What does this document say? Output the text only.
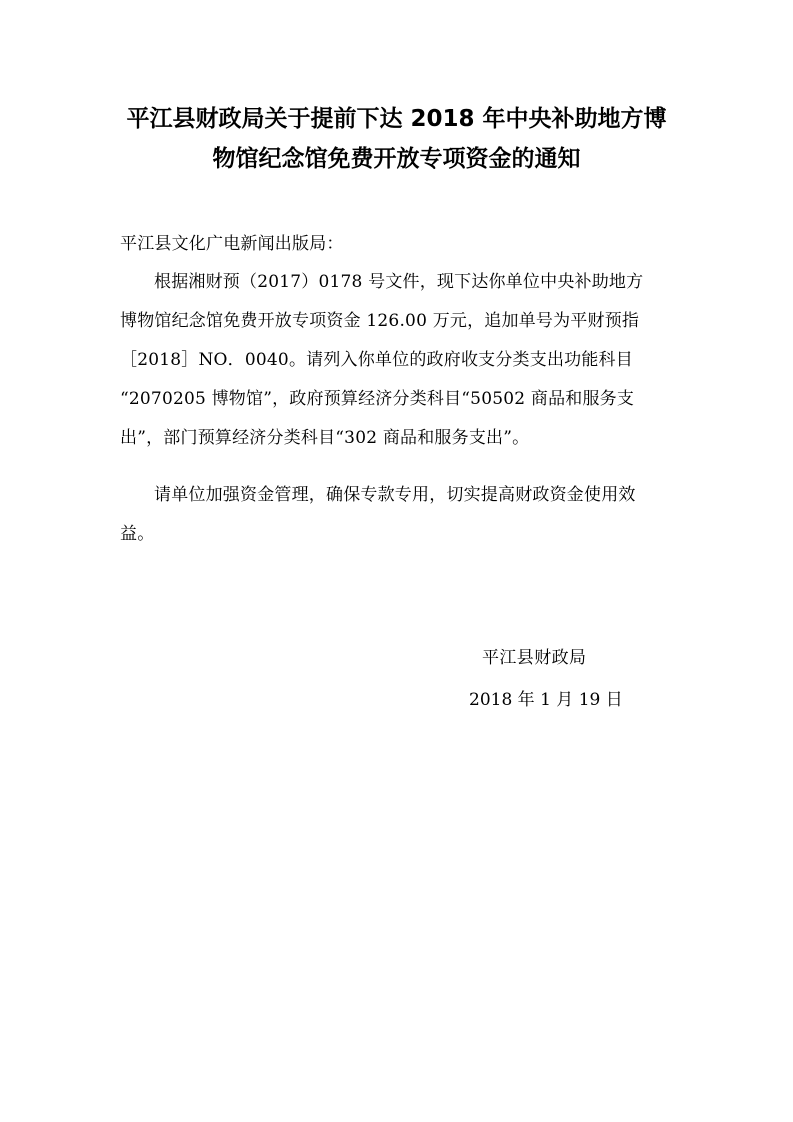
平江县财政局关于提前下达 2018 年中央补助地方博
物馆纪念馆免费开放专项资金的通知
平江县文化广电新闻出版局：
根据湘财预（2017）0178 号文件，现下达你单位中央补助地方
博物馆纪念馆免费开放专项资金 126.00 万元，追加单号为平财预指
［2018］NO．0040。请列入你单位的政府收支分类支出功能科目
“2070205 博物馆”，政府预算经济分类科目“50502 商品和服务支
出”，部门预算经济分类科目“302 商品和服务支出”。
请单位加强资金管理，确保专款专用，切实提高财政资金使用效
益。
平江县财政局
2018 年 1 月 19 日
